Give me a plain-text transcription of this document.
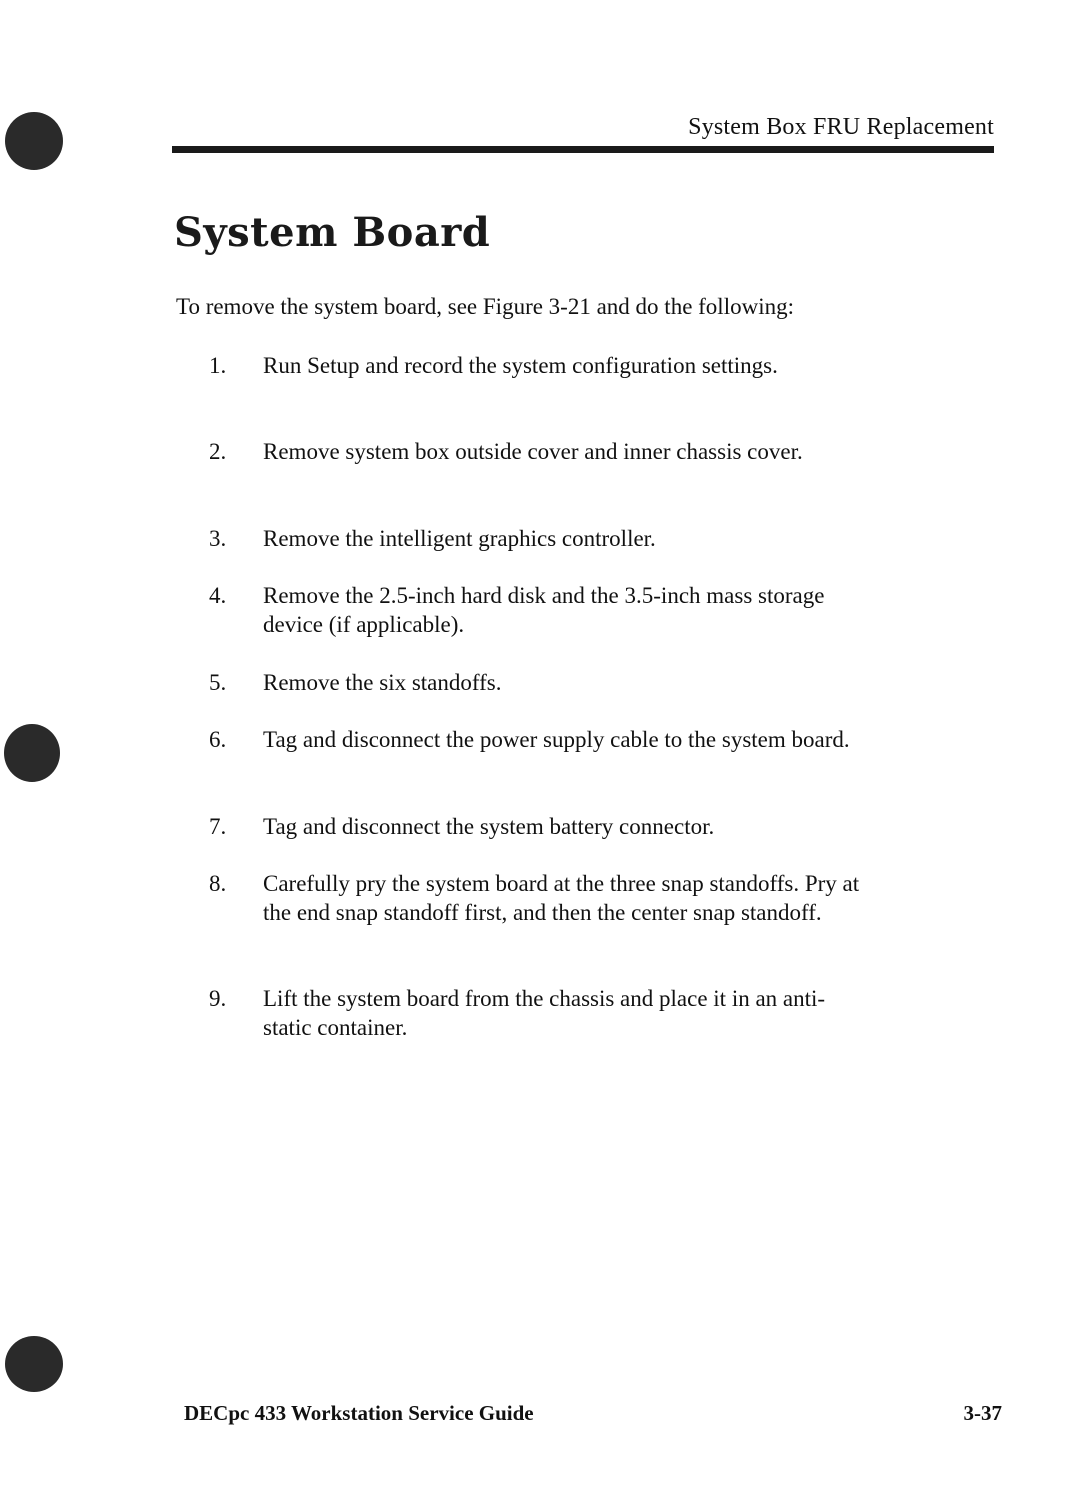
System Box FRU Replacement
System Board

To remove the system board, see Figure 3-21 and do the following:

1.	Run Setup and record the system configuration settings.
2.	Remove system box outside cover and inner chassis cover.
3.	Remove the intelligent graphics controller.
4.	Remove the 2.5-inch hard disk and the 3.5-inch mass storage device (if applicable).
5.	Remove the six standoffs.
6.	Tag and disconnect the power supply cable to the system board.
7.	Tag and disconnect the system battery connector.
8.	Carefully pry the system board at the three snap standoffs. Pry at the end snap standoff first, and then the center snap standoff.
9.	Lift the system board from the chassis and place it in an anti-static container.
DECpc 433 Workstation Service Guide	3-37
